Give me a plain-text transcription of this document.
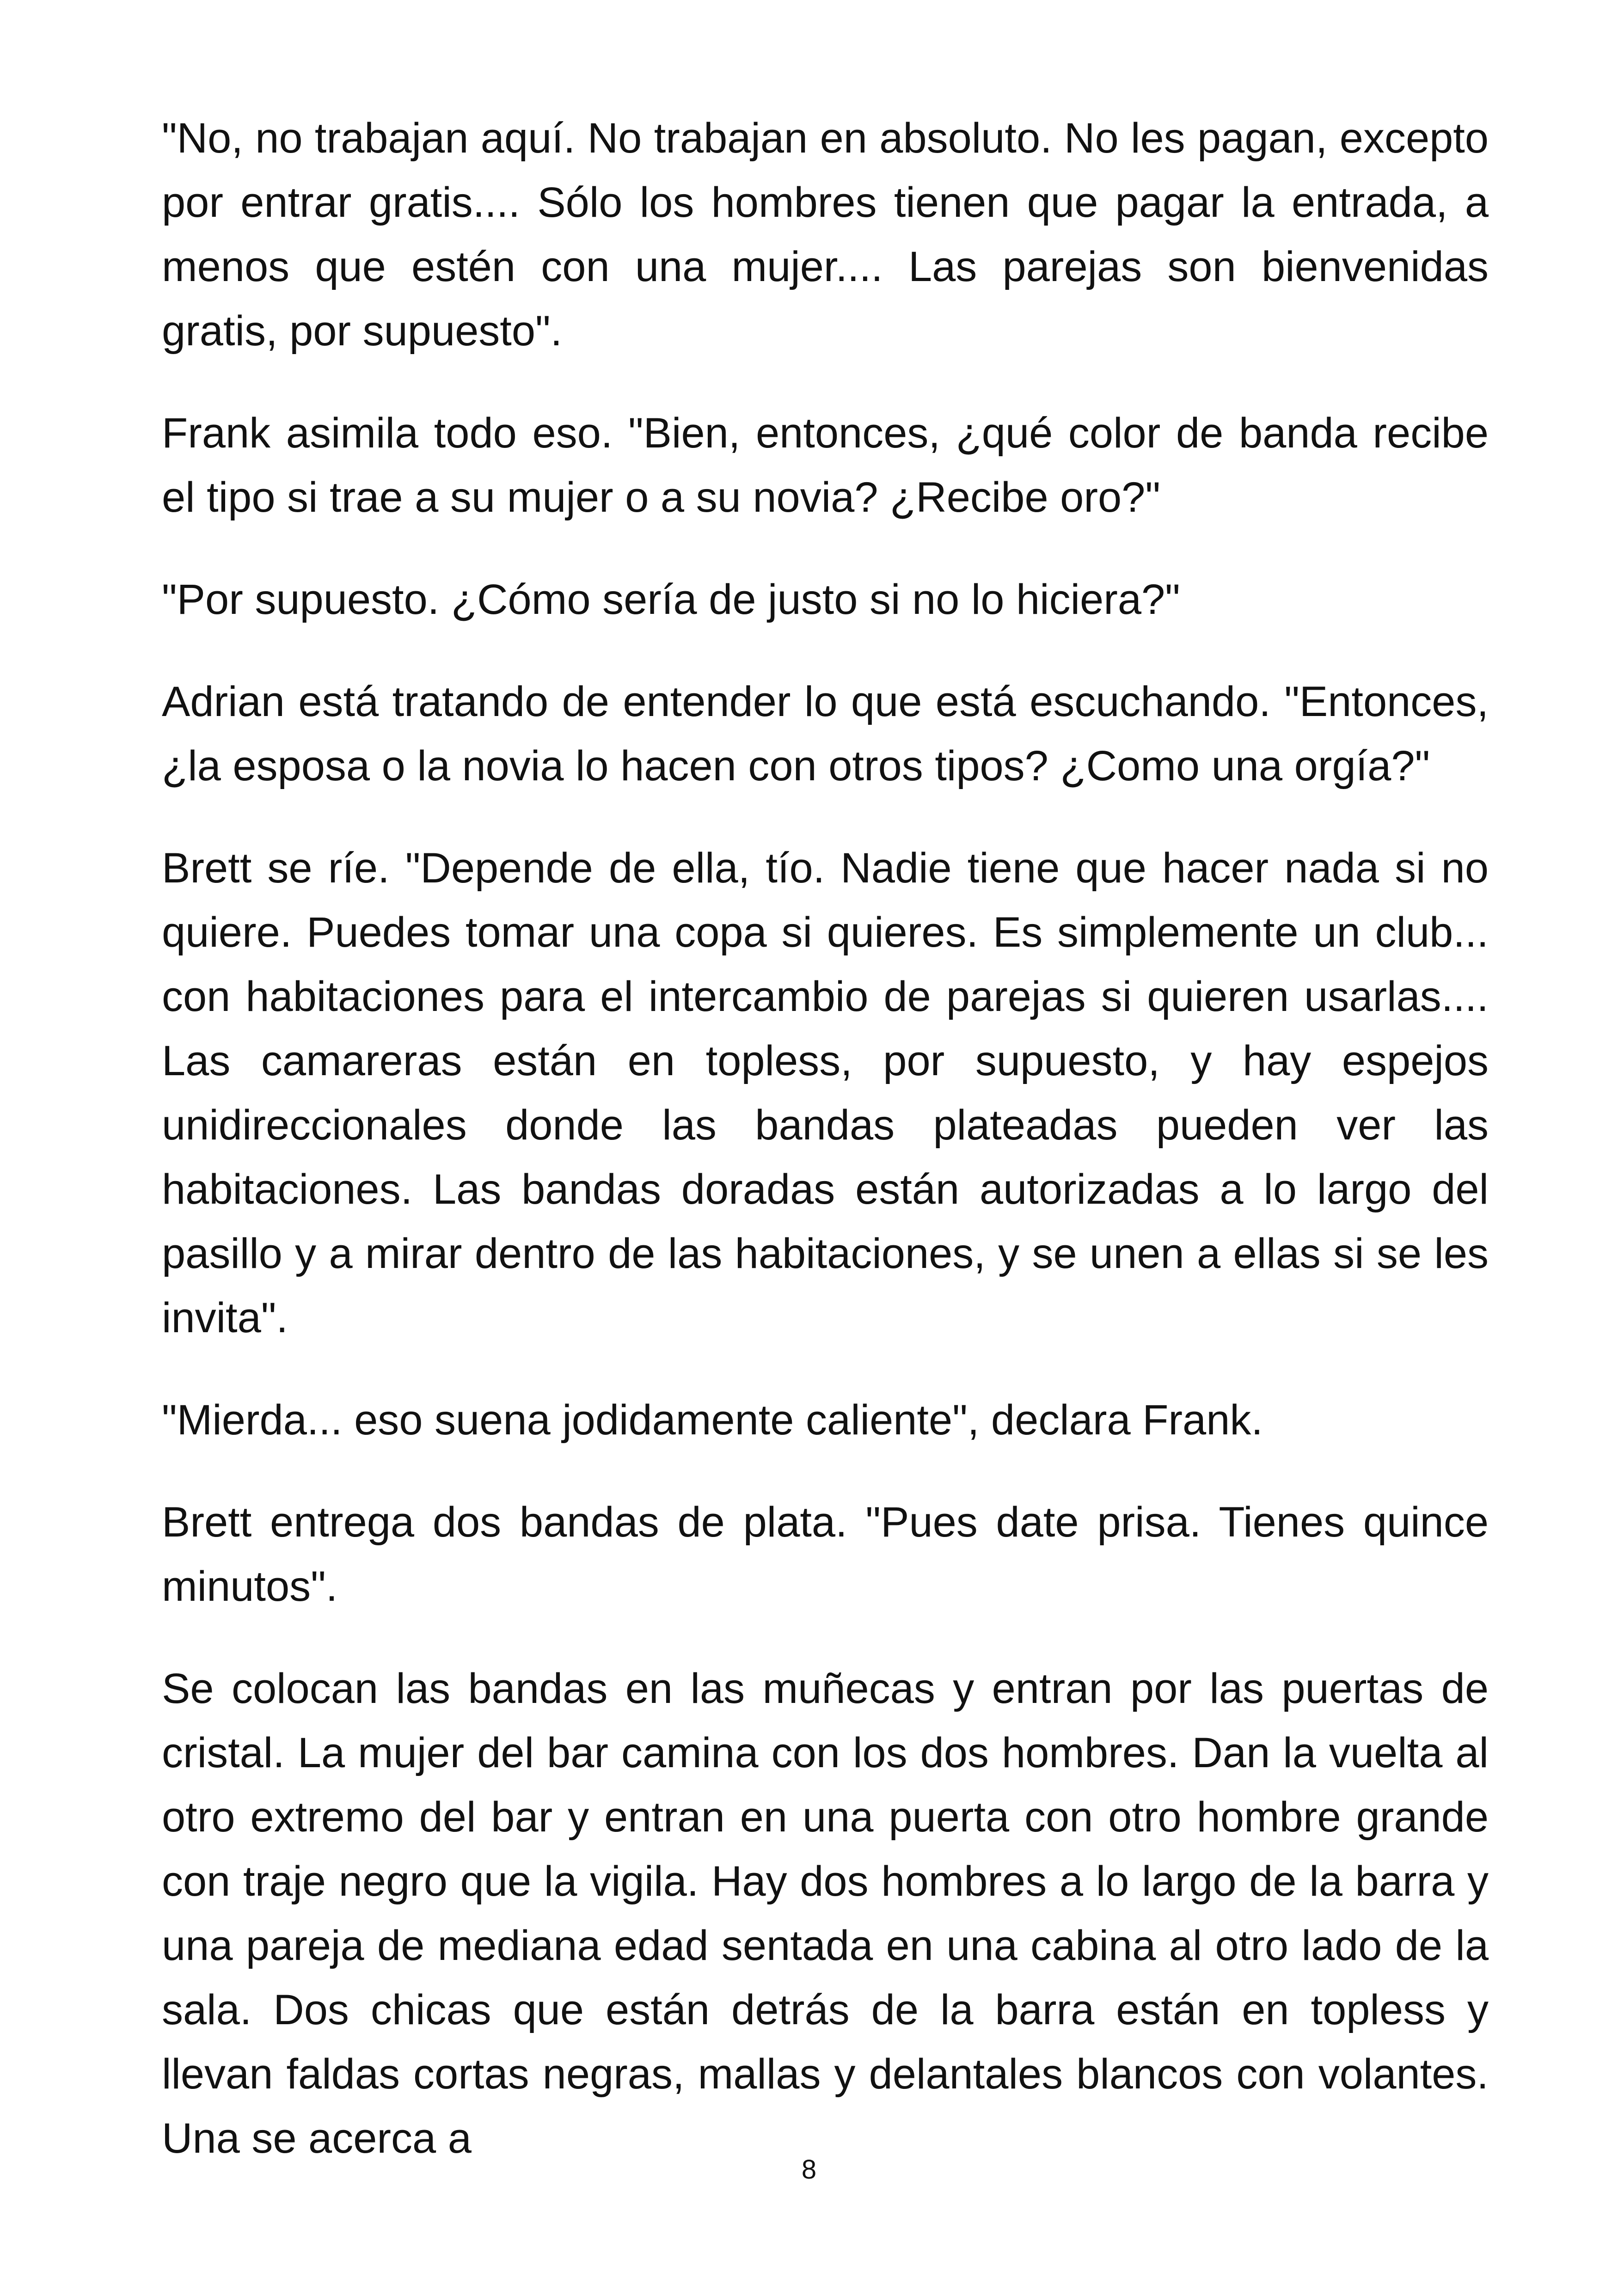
"No, no trabajan aquí. No trabajan en absoluto. No les pagan, excepto por entrar gratis.... Sólo los hombres tienen que pagar la entrada, a menos que estén con una mujer.... Las parejas son bienvenidas gratis, por supuesto".

Frank asimila todo eso. "Bien, entonces, ¿qué color de banda recibe el tipo si trae a su mujer o a su novia? ¿Recibe oro?"

"Por supuesto. ¿Cómo sería de justo si no lo hiciera?"

Adrian está tratando de entender lo que está escuchando. "Entonces, ¿la esposa o la novia lo hacen con otros tipos? ¿Como una orgía?"

Brett se ríe. "Depende de ella, tío. Nadie tiene que hacer nada si no quiere. Puedes tomar una copa si quieres. Es simplemente un club... con habitaciones para el intercambio de parejas si quieren usarlas.... Las camareras están en topless, por supuesto, y hay espejos unidireccionales donde las bandas plateadas pueden ver las habitaciones. Las bandas doradas están autorizadas a lo largo del pasillo y a mirar dentro de las habitaciones, y se unen a ellas si se les invita".

"Mierda... eso suena jodidamente caliente", declara Frank.

Brett entrega dos bandas de plata. "Pues date prisa. Tienes quince minutos".

Se colocan las bandas en las muñecas y entran por las puertas de cristal. La mujer del bar camina con los dos hombres. Dan la vuelta al otro extremo del bar y entran en una puerta con otro hombre grande con traje negro que la vigila. Hay dos hombres a lo largo de la barra y una pareja de mediana edad sentada en una cabina al otro lado de la sala. Dos chicas que están detrás de la barra están en topless y llevan faldas cortas negras, mallas y delantales blancos con volantes. Una se acerca a

8
